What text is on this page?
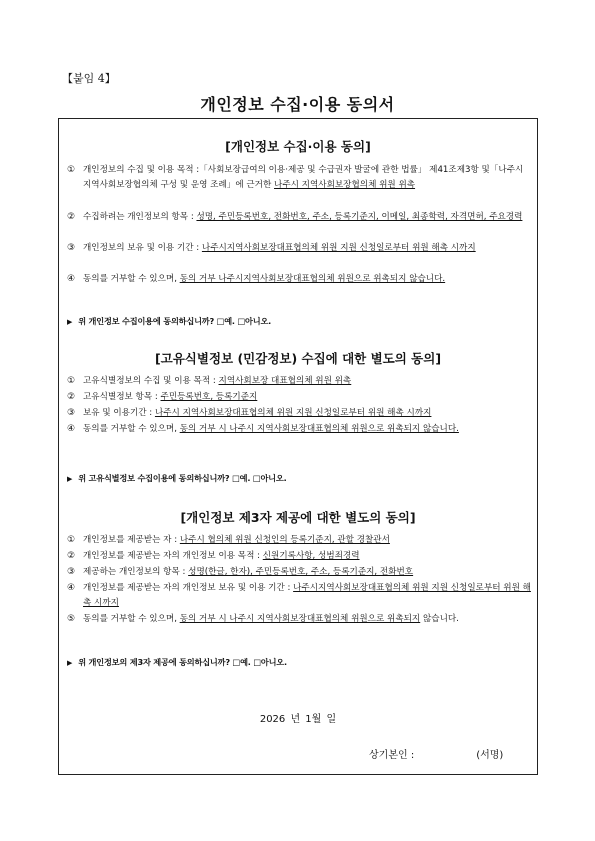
【붙임 4】
개인정보 수집·이용 동의서
[개인정보 수집·이용 동의]
① 개인정보의 수집 및 이용 목적 :「사회보장급여의 이용·제공 및 수급권자 발굴에 관한 법률」 제41조제3항 및「나주시 지역사회보장협의체 구성 및 운영 조례」에 근거한 나주시 지역사회보장협의체 위원 위촉
② 수집하려는 개인정보의 항목 : 성명, 주민등록번호, 전화번호, 주소, 등록기준지, 이메일, 최종학력, 자격면허, 주요경력
③ 개인정보의 보유 및 이용 기간 : 나주시지역사회보장대표협의체 위원 지원 신청일로부터 위원 해촉 시까지
④ 동의를 거부할 수 있으며, 동의 거부 나주시지역사회보장대표협의체 위원으로 위촉되지 않습니다.
▶ 위 개인정보 수집이용에 동의하십니까? □예. □아니오.
[고유식별정보 (민감정보) 수집에 대한 별도의 동의]
① 고유식별정보의 수집 및 이용 목적 : 지역사회보장 대표협의체 위원 위촉
② 고유식별정보 항목 : 주민등록번호, 등록기준지
③ 보유 및 이용기간 : 나주시 지역사회보장대표협의체 위원 지원 신청일로부터 위원 해촉 시까지
④ 동의를 거부할 수 있으며, 동의 거부 시 나주시 지역사회보장대표협의체 위원으로 위촉되지 않습니다.
▶ 위 고유식별정보 수집이용에 동의하십니까? □예. □아니오.
[개인정보 제3자 제공에 대한 별도의 동의]
① 개인정보를 제공받는 자 : 나주시 협의체 위원 신청인의 등록기준지, 관할 경찰관서
② 개인정보를 제공받는 자의 개인정보 이용 목적 : 신원기록사항, 성범죄경력
③ 제공하는 개인정보의 항목 : 성명(한글, 한자), 주민등록번호, 주소, 등록기준지, 전화번호
④ 개인정보를 제공받는 자의 개인정보 보유 및 이용 기간 : 나주시지역사회보장대표협의체 위원 지원 신청일로부터 위원 해촉 시까지
⑤ 동의를 거부할 수 있으며, 동의 거부 시 나주시 지역사회보장대표협의체 위원으로 위촉되지 않습니다.
▶ 위 개인정보의 제3자 제공에 동의하십니까? □예. □아니오.
2026 년 1월 일
상기본인 :	(서명)
